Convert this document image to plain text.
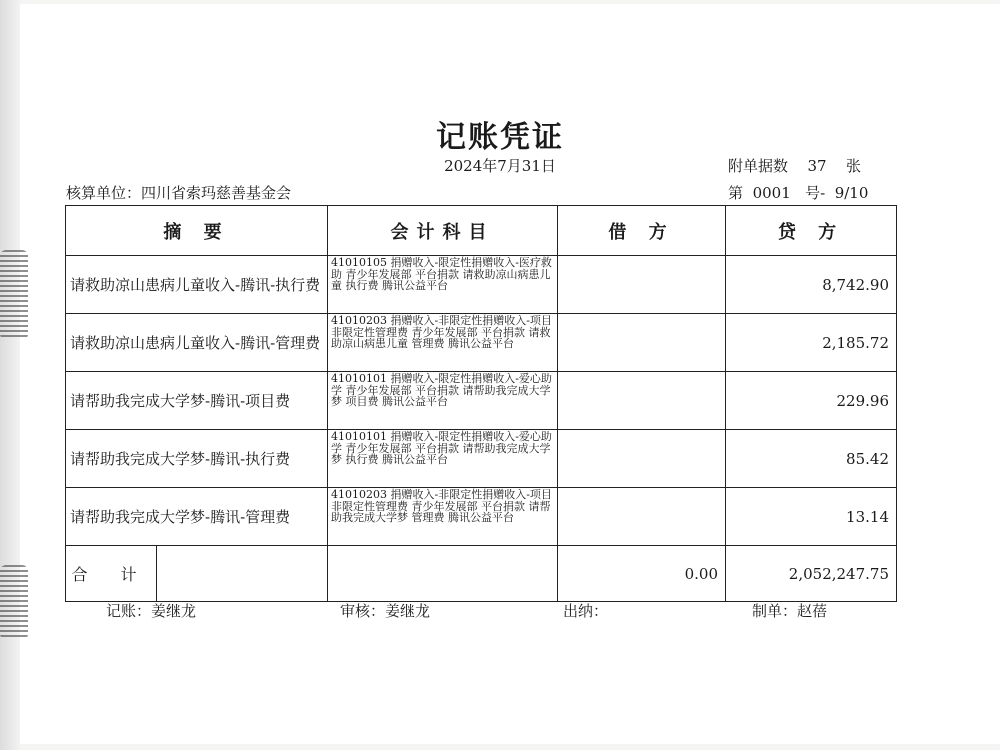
记账凭证
2024年7月31日	附单据数 37 张
核算单位：四川省索玛慈善基金会	第 0001 号- 9/10
摘 要	会计科目	借 方	贷 方
请救助凉山患病儿童收入-腾讯-执行费	41010105 捐赠收入-限定性捐赠收入-医疗救助 青少年发展部 平台捐款 请救助凉山病患儿童 执行费 腾讯公益平台		8,742.90
请救助凉山患病儿童收入-腾讯-管理费	41010203 捐赠收入-非限定性捐赠收入-项目非限定性管理费 青少年发展部 平台捐款 请救助凉山病患儿童 管理费 腾讯公益平台		2,185.72
请帮助我完成大学梦-腾讯-项目费	41010101 捐赠收入-限定性捐赠收入-爱心助学 青少年发展部 平台捐款 请帮助我完成大学梦 项目费 腾讯公益平台		229.96
请帮助我完成大学梦-腾讯-执行费	41010101 捐赠收入-限定性捐赠收入-爱心助学 青少年发展部 平台捐款 请帮助我完成大学梦 执行费 腾讯公益平台		85.42
请帮助我完成大学梦-腾讯-管理费	41010203 捐赠收入-非限定性捐赠收入-项目非限定性管理费 青少年发展部 平台捐款 请帮助我完成大学梦 管理费 腾讯公益平台		13.14

合 计		0.00	2,052,247.75
记账：姜继龙	审核：姜继龙	出纳：	制单：赵蓓
